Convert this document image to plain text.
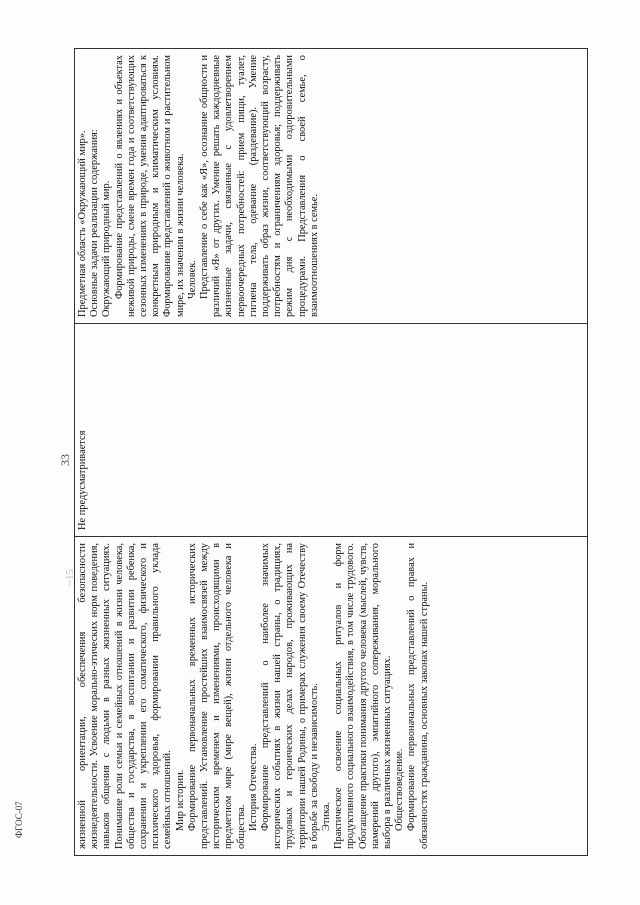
~15
33

жизненной ориентации, обеспечения безопасности жизнедеятельности. Усвоение морально-этических норм поведения, навыков общения с людьми в разных жизненных ситуациях. Понимание роли семьи и семейных отношений в жизни человека, общества и государства, в воспитании и развитии ребенка, сохранении и укреплении его соматического, физического и психического здоровья, формировании правильного уклада семейных отношений. Мир истории. Формирование первоначальных временных исторических представлений. Установление простейших взаимосвязей между историческим временем и изменениями, происходящими в предметном мире (мире вещей), жизни отдельного человека и общества. История Отечества. Формирование представлений о наиболее значимых исторических событиях в жизни нашей страны, о традициях, трудовых и героических делах народов, проживающих на территории нашей Родины, о примерах служения своему Отечеству в борьбе за свободу и независимость. Этика. Практическое освоение социальных ритуалов и форм продуктивного социального взаимодействия, в том числе трудового. Обогащение практики понимания другого человека (мыслей, чувств, намерений другого), эмпатийного сопереживания, морального выбора в различных жизненных ситуациях. Обществоведение. Формирование первоначальных представлений о правах и обязанностях гражданина, основных законах нашей страны.

Не предусматривается

Предметная область «Окружающий мир». Основные задачи реализации содержания: Окружающий природный мир. Формирование представлений о явлениях и объектах неживой природы, смене времен года и соответствующих сезонных изменениях в природе, умения адаптироваться к конкретным природным и климатическим условиям. Формирование представлений о животном и растительном мире, их значении в жизни человека. Человек. Представление о себе как «Я», осознание общности и различий «Я» от других. Умение решать каждодневные жизненные задачи, связанные с удовлетворением первоочередных потребностей: прием пищи, туалет, гигиена тела, одевание (раздевание). Умение поддерживать образ жизни, соответствующий возрасту, потребностям и ограничениям здоровья; поддерживать режим дня с необходимыми оздоровительными процедурами. Представления о своей семье, о взаимоотношениях в семье.

ФГОС-07
